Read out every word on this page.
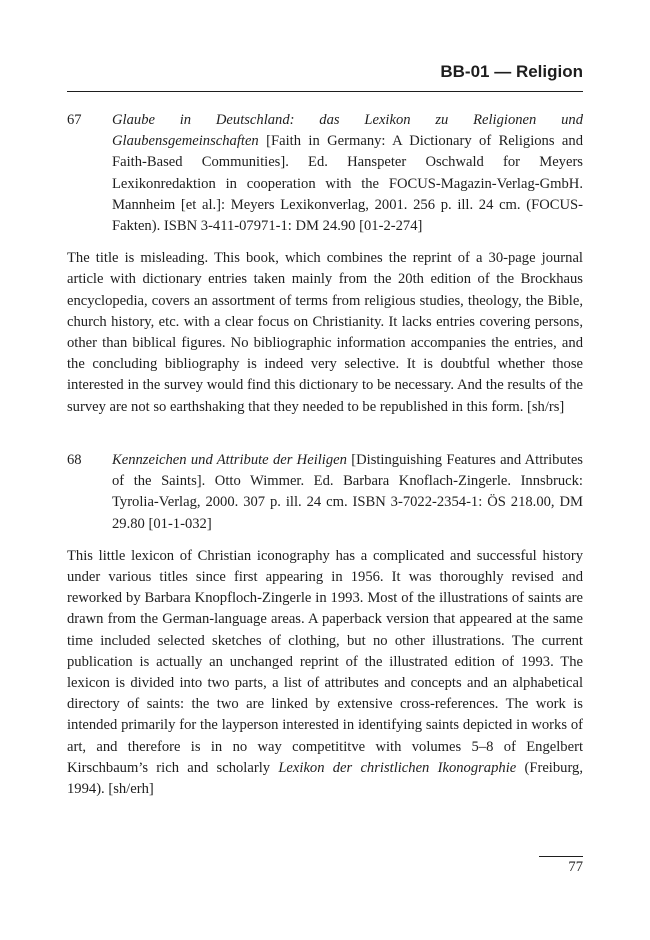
BB-01 — Religion
67 Glaube in Deutschland: das Lexikon zu Religionen und Glaubensgemeinschaften [Faith in Germany: A Dictionary of Religions and Faith-Based Communities]. Ed. Hanspeter Oschwald for Meyers Lexikonredaktion in cooperation with the FOCUS-Magazin-Verlag-GmbH. Mannheim [et al.]: Meyers Lexikonverlag, 2001. 256 p. ill. 24 cm. (FOCUS-Fakten). ISBN 3-411-07971-1: DM 24.90 [01-2-274]
The title is misleading. This book, which combines the reprint of a 30-page journal article with dictionary entries taken mainly from the 20th edition of the Brockhaus encyclopedia, covers an assortment of terms from religious studies, theology, the Bible, church history, etc. with a clear focus on Christianity. It lacks entries covering persons, other than biblical figures. No bibliographic information accompanies the entries, and the concluding bibliography is indeed very selective. It is doubtful whether those interested in the survey would find this dictionary to be necessary. And the results of the survey are not so earthshaking that they needed to be republished in this form. [sh/rs]
68 Kennzeichen und Attribute der Heiligen [Distinguishing Features and Attributes of the Saints]. Otto Wimmer. Ed. Barbara Knoflach-Zingerle. Innsbruck: Tyrolia-Verlag, 2000. 307 p. ill. 24 cm. ISBN 3-7022-2354-1: ÖS 218.00, DM 29.80 [01-1-032]
This little lexicon of Christian iconography has a complicated and successful history under various titles since first appearing in 1956. It was thoroughly revised and reworked by Barbara Knopfloch-Zingerle in 1993. Most of the illustrations of saints are drawn from the German-language areas. A paperback version that appeared at the same time included selected sketches of clothing, but no other illustrations. The current publication is actually an unchanged reprint of the illustrated edition of 1993. The lexicon is divided into two parts, a list of attributes and concepts and an alphabetical directory of saints: the two are linked by extensive cross-references. The work is intended primarily for the layperson interested in identifying saints depicted in works of art, and therefore is in no way competititve with volumes 5–8 of Engelbert Kirschbaum’s rich and scholarly Lexikon der christlichen Ikonographie (Freiburg, 1994). [sh/erh]
77
